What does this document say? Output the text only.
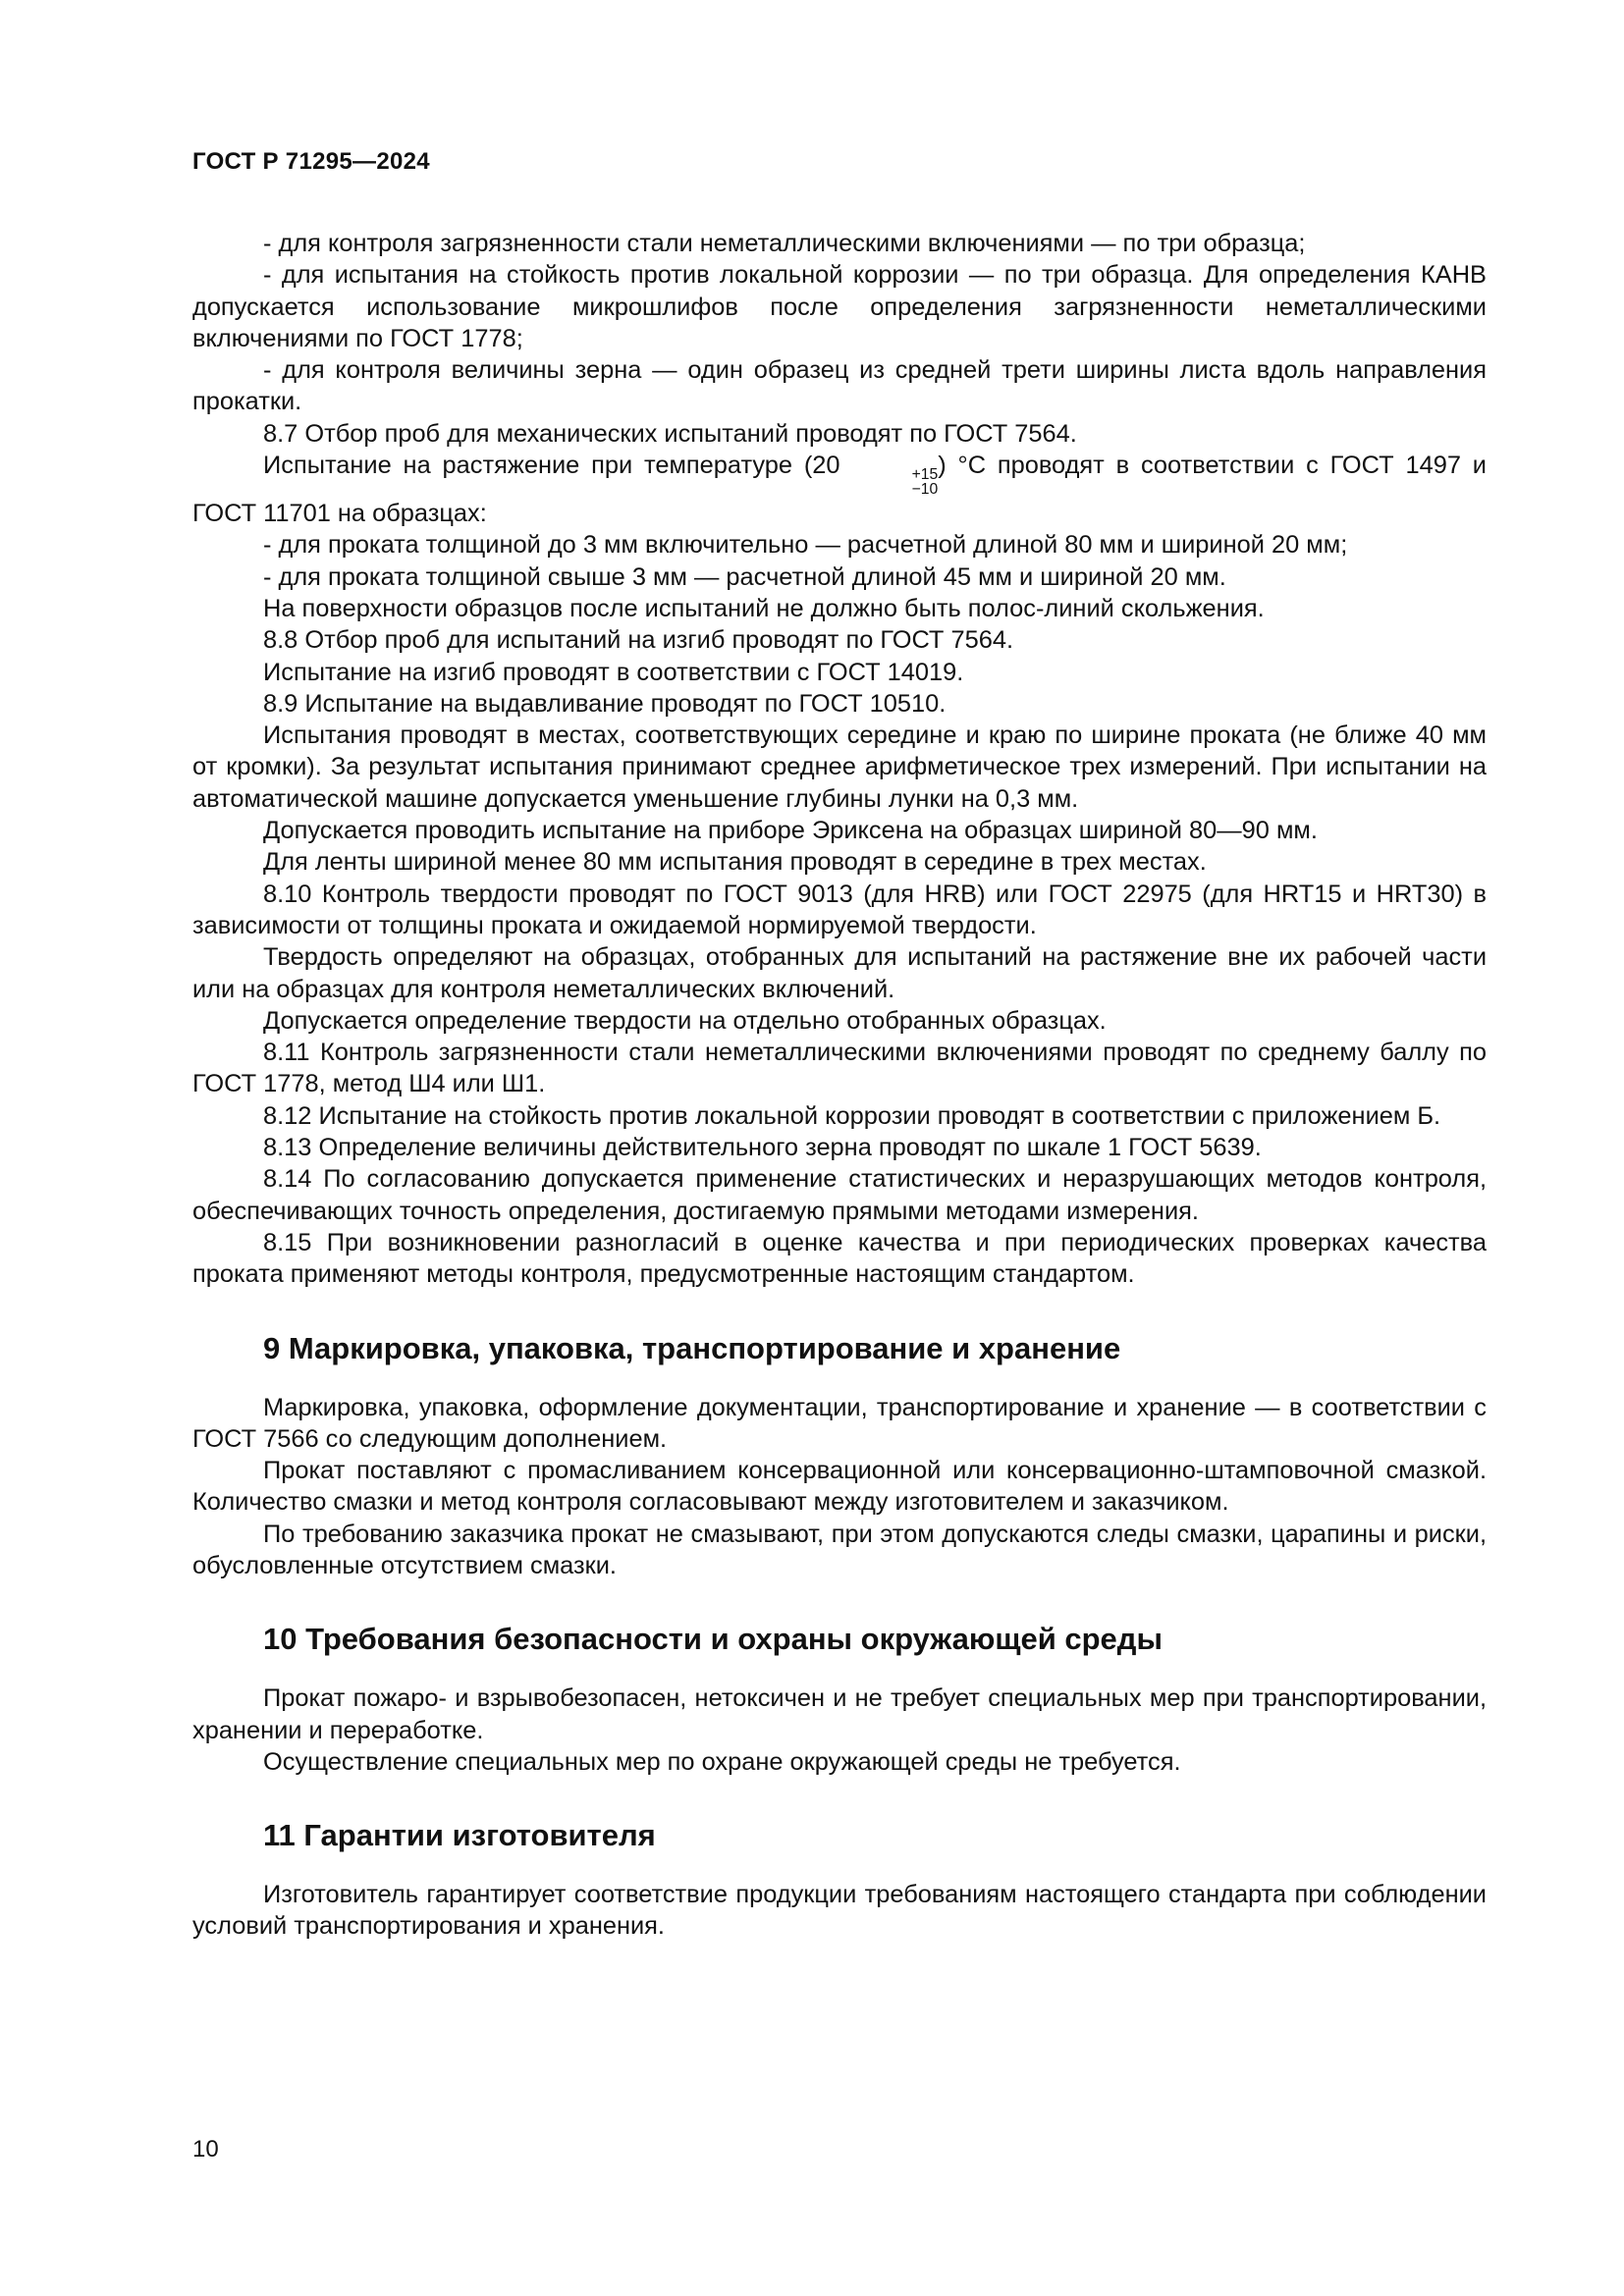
ГОСТ Р 71295—2024

- для контроля загрязненности стали неметаллическими включениями — по три образца;

- для испытания на стойкость против локальной коррозии — по три образца. Для определения КАНВ допускается использование микрошлифов после определения загрязненности неметаллическими включениями по ГОСТ 1778;

- для контроля величины зерна — один образец из средней трети ширины листа вдоль направления прокатки.

8.7 Отбор проб для механических испытаний проводят по ГОСТ 7564.

Испытание на растяжение при температуре (20	+15
−10
) °С проводят в соответствии с ГОСТ 1497 и ГОСТ 11701 на образцах:

- для проката толщиной до 3 мм включительно — расчетной длиной 80 мм и шириной 20 мм;

- для проката толщиной свыше 3 мм — расчетной длиной 45 мм и шириной 20 мм.

На поверхности образцов после испытаний не должно быть полос-линий скольжения.

8.8 Отбор проб для испытаний на изгиб проводят по ГОСТ 7564.

Испытание на изгиб проводят в соответствии с ГОСТ 14019.

8.9 Испытание на выдавливание проводят по ГОСТ 10510.

Испытания проводят в местах, соответствующих середине и краю по ширине проката (не ближе 40 мм от кромки). За результат испытания принимают среднее арифметическое трех измерений. При испытании на автоматической машине допускается уменьшение глубины лунки на 0,3 мм.

Допускается проводить испытание на приборе Эриксена на образцах шириной 80—90 мм.

Для ленты шириной менее 80 мм испытания проводят в середине в трех местах.

8.10 Контроль твердости проводят по ГОСТ 9013 (для HRB) или ГОСТ 22975 (для HRT15 и HRT30) в зависимости от толщины проката и ожидаемой нормируемой твердости.

Твердость определяют на образцах, отобранных для испытаний на растяжение вне их рабочей части или на образцах для контроля неметаллических включений.

Допускается определение твердости на отдельно отобранных образцах.

8.11 Контроль загрязненности стали неметаллическими включениями проводят по среднему баллу по ГОСТ 1778, метод Ш4 или Ш1.

8.12 Испытание на стойкость против локальной коррозии проводят в соответствии с приложением Б.

8.13 Определение величины действительного зерна проводят по шкале 1 ГОСТ 5639.

8.14 По согласованию допускается применение статистических и неразрушающих методов контроля, обеспечивающих точность определения, достигаемую прямыми методами измерения.

8.15 При возникновении разногласий в оценке качества и при периодических проверках качества проката применяют методы контроля, предусмотренные настоящим стандартом.

9 Маркировка, упаковка, транспортирование и хранение

Маркировка, упаковка, оформление документации, транспортирование и хранение — в соответствии с ГОСТ 7566 со следующим дополнением.

Прокат поставляют с промасливанием консервационной или консервационно-штамповочной смазкой. Количество смазки и метод контроля согласовывают между изготовителем и заказчиком.

По требованию заказчика прокат не смазывают, при этом допускаются следы смазки, царапины и риски, обусловленные отсутствием смазки.

10 Требования безопасности и охраны окружающей среды

Прокат пожаро- и взрывобезопасен, нетоксичен и не требует специальных мер при транспортировании, хранении и переработке.

Осуществление специальных мер по охране окружающей среды не требуется.

11 Гарантии изготовителя

Изготовитель гарантирует соответствие продукции требованиям настоящего стандарта при соблюдении условий транспортирования и хранения.

10
